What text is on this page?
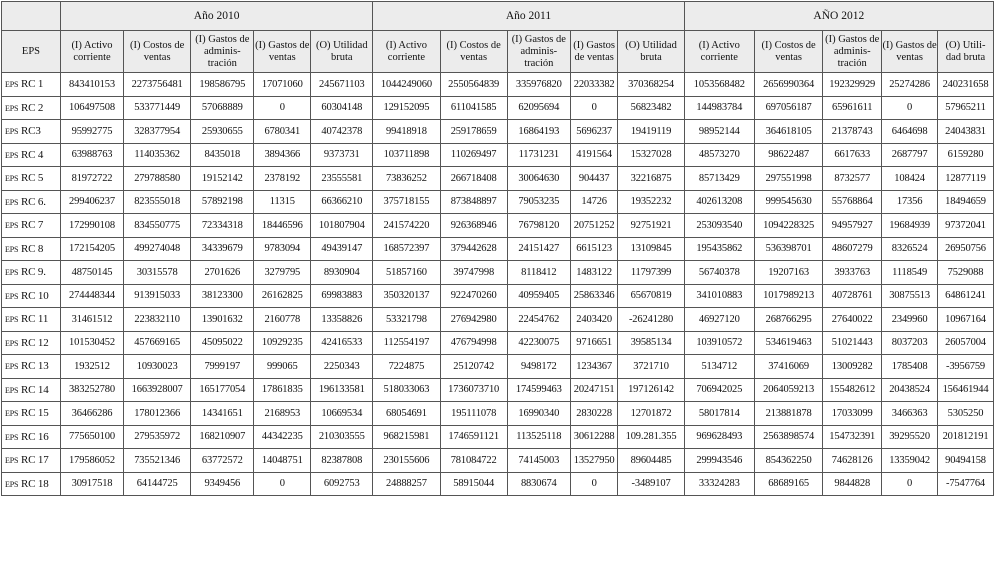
	Año 2010					Año 2011					AÑO 2012				
EPS	(I) Activo corriente	(I) Costos de ventas	(I) Gastos de adminis-tración	(I) Gastos de ventas	(O) Utilidad bruta	(I) Activo corriente	(I) Costos de ventas	(I) Gastos de adminis-tración	(I) Gastos de ventas	(O) Utilidad bruta	(I) Activo corriente	(I) Costos de ventas	(I) Gastos de adminis-tración	(I) Gastos de ventas	(O) Utili-dad bruta
EPS RC 1	843410153	2273756481	198586795	17071060	245671103	1044249060	2550564839	335976820	22033382	370368254	1053568482	2656990364	192329929	25274286	240231658
EPS RC 2	106497508	533771449	57068889	0	60304148	129152095	611041585	62095694	0	56823482	144983784	697056187	65961611	0	57965211
EPS RC3	95992775	328377954	25930655	6780341	40742378	99418918	259178659	16864193	5696237	19419119	98952144	364618105	21378743	6464698	24043831
EPS RC 4	63988763	114035362	8435018	3894366	9373731	103711898	110269497	11731231	4191564	15327028	48573270	98622487	6617633	2687797	6159280
EPS RC 5	81972722	279788580	19152142	2378192	23555581	73836252	266718408	30064630	904437	32216875	85713429	297551998	8732577	108424	12877119
EPS RC 6.	299406237	823555018	57892198	11315	66366210	375718155	873848897	79053235	14726	19352232	402613208	999545630	55768864	17356	18494659
EPS RC 7	172990108	834550775	72334318	18446596	101807904	241574220	926368946	76798120	20751252	92751921	253093540	1094228325	94957927	19684939	97372041
EPS RC 8	172154205	499274048	34339679	9783094	49439147	168572397	379442628	24151427	6615123	13109845	195435862	536398701	48607279	8326524	26950756
EPS RC 9.	48750145	30315578	2701626	3279795	8930904	51857160	39747998	8118412	1483122	11797399	56740378	19207163	3933763	1118549	7529088
EPS RC 10	274448344	913915033	38123300	26162825	69983883	350320137	922470260	40959405	25863346	65670819	341010883	1017989213	40728761	30875513	64861241
EPS RC 11	31461512	223832110	13901632	2160778	13358826	53321798	276942980	22454762	2403420	-26241280	46927120	268766295	27640022	2349960	10967164
EPS RC 12	101530452	457669165	45095022	10929235	42416533	112554197	476794998	42230075	9716651	39585134	103910572	534619463	51021443	8037203	26057004
EPS RC 13	1932512	10930023	7999197	999065	2250343	7224875	25120742	9498172	1234367	3721710	5134712	37416069	13009282	1785408	-3956759
EPS RC 14	383252780	1663928007	165177054	17861835	196133581	518033063	1736073710	174599463	20247151	197126142	706942025	2064059213	155482612	20438524	156461944
EPS RC 15	36466286	178012366	14341651	2168953	10669534	68054691	195111078	16990340	2830228	12701872	58017814	213881878	17033099	3466363	5305250
EPS RC 16	775650100	279535972	168210907	44342235	210303555	968215981	1746591121	113525118	30612288	109.281.355	969628493	2563898574	154732391	39295520	201812191
EPS RC 17	179586052	735521346	63772572	14048751	82387808	230155606	781084722	74145003	13527950	89604485	299943546	854362250	74628126	13359042	90494158
EPS RC 18	30917518	64144725	9349456	0	6092753	24888257	58915044	8830674	0	-3489107	33324283	68689165	9844828	0	-7547764
